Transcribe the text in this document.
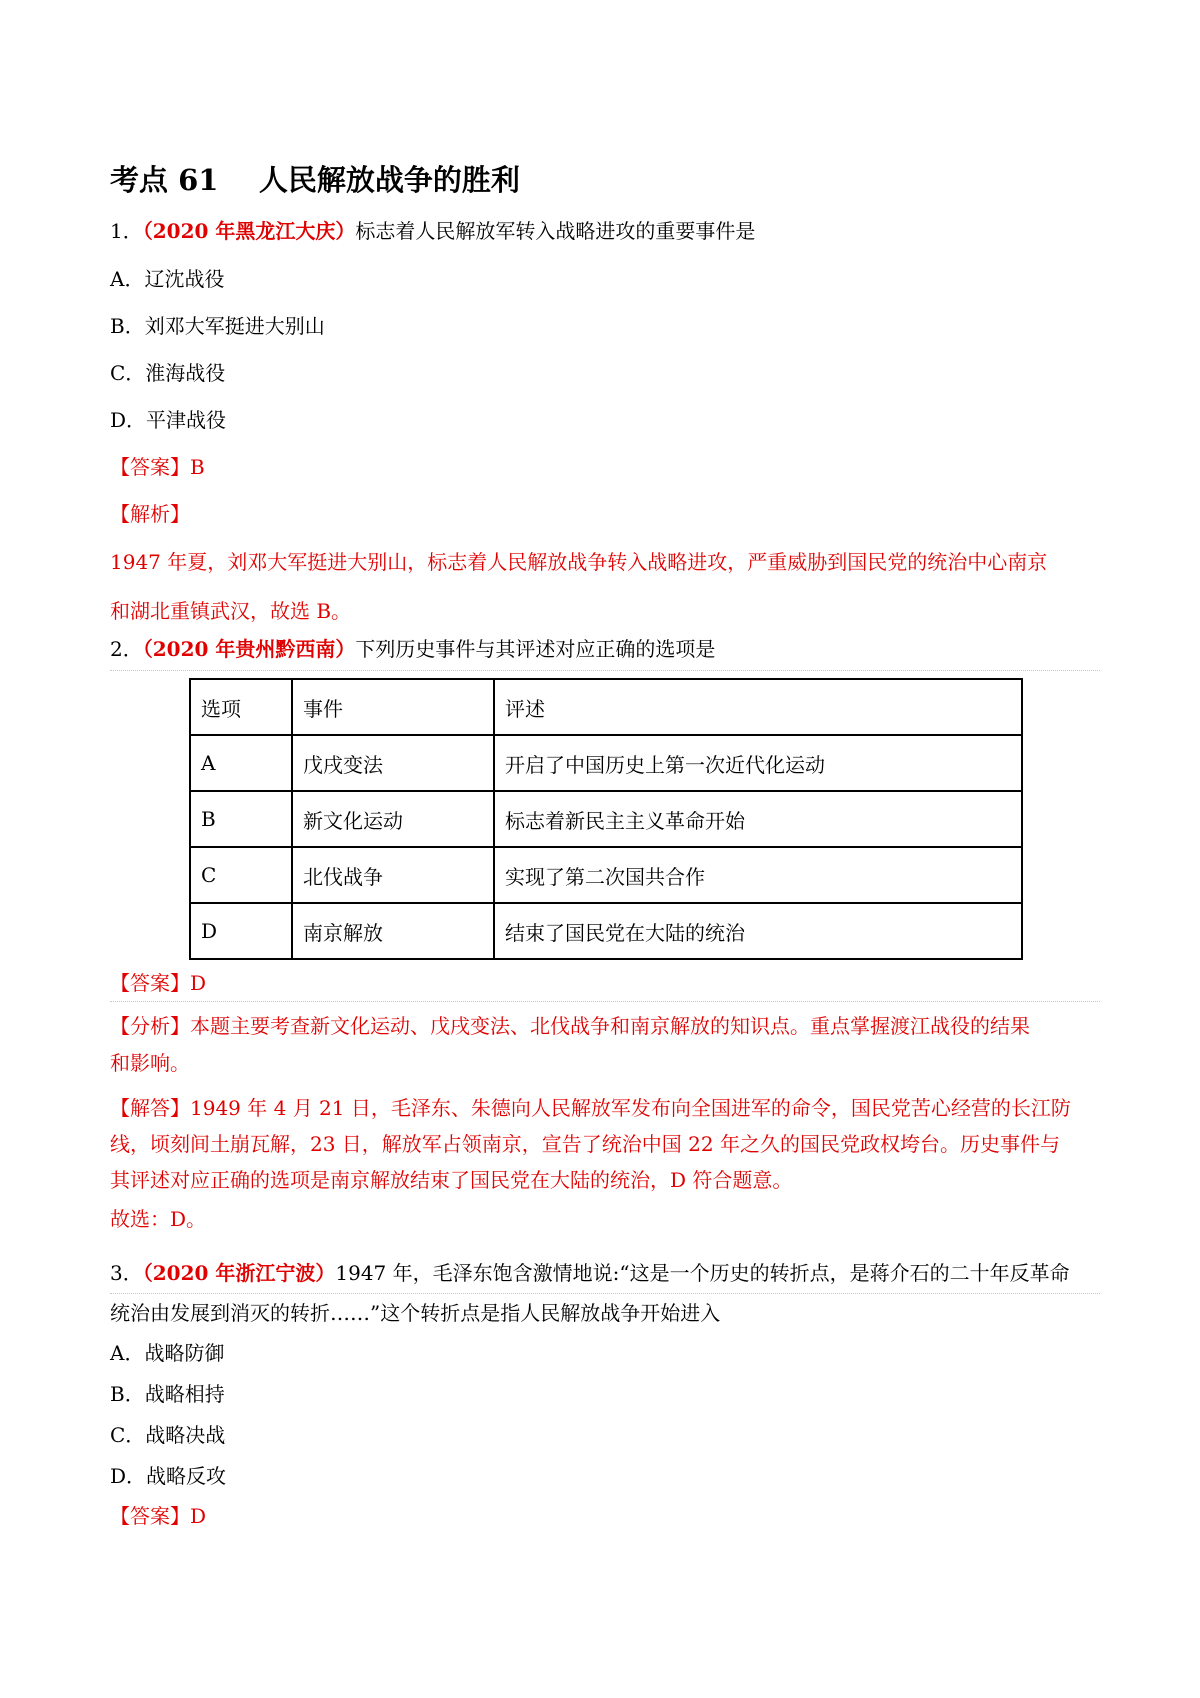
考点 61    人民解放战争的胜利
1．（2020 年黑龙江大庆）标志着人民解放军转入战略进攻的重要事件是
A．辽沈战役
B．刘邓大军挺进大别山
C．淮海战役
D．平津战役
【答案】B
【解析】
1947 年夏，刘邓大军挺进大别山，标志着人民解放战争转入战略进攻，严重威胁到国民党的统治中心南京
和湖北重镇武汉，故选 B。
2．（2020 年贵州黔西南）下列历史事件与其评述对应正确的选项是
选项	事件	评述
A	戊戌变法	开启了中国历史上第一次近代化运动
B	新文化运动	标志着新民主主义革命开始
C	北伐战争	实现了第二次国共合作
D	南京解放	结束了国民党在大陆的统治
【答案】D
【分析】本题主要考查新文化运动、戊戌变法、北伐战争和南京解放的知识点。重点掌握渡江战役的结果
和影响。
【解答】1949 年 4 月 21 日，毛泽东、朱德向人民解放军发布向全国进军的命令，国民党苦心经营的长江防
线，顷刻间土崩瓦解，23 日，解放军占领南京，宣告了统治中国 22 年之久的国民党政权垮台。历史事件与
其评述对应正确的选项是南京解放结束了国民党在大陆的统治，D 符合题意。
故选：D。
3．（2020 年浙江宁波）1947 年，毛泽东饱含激情地说:“这是一个历史的转折点，是蒋介石的二十年反革命
统治由发展到消灭的转折……”这个转折点是指人民解放战争开始进入
A．战略防御
B．战略相持
C．战略决战
D．战略反攻
【答案】D
